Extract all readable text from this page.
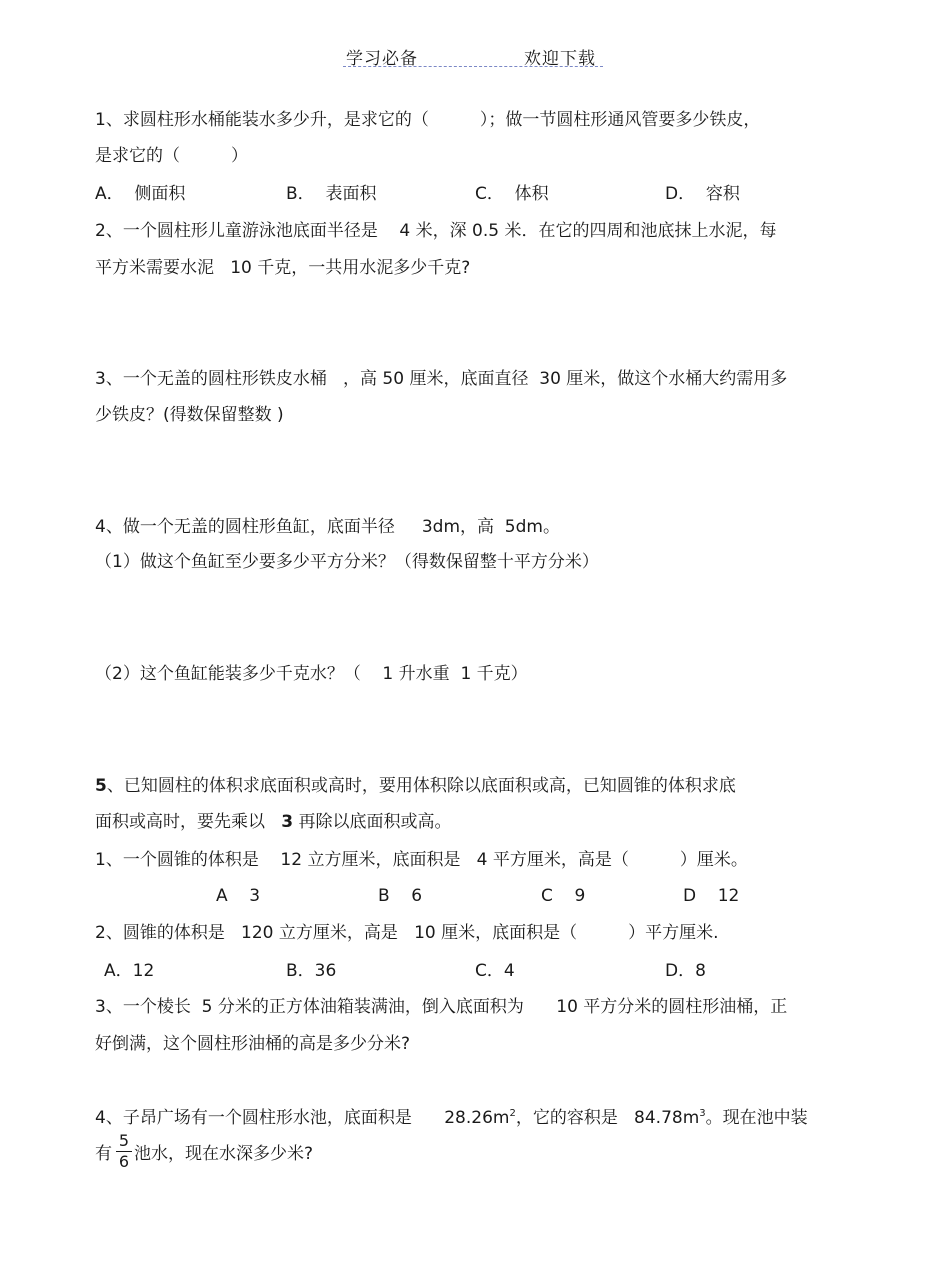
学习必备	欢迎下载
1、求圆柱形水桶能装水多少升，是求它的（　　　）；做一节圆柱形通风管要多少铁皮，
是求它的（　　　）
A．  侧面积	B．  表面积	C．  体积	D．  容积
2、一个圆柱形儿童游泳池底面半径是    4 米，深 0.5 米．在它的四周和池底抹上水泥，每
平方米需要水泥   10 千克，一共用水泥多少千克?
3、一个无盖的圆柱形铁皮水桶   ，高 50 厘米，底面直径  30 厘米，做这个水桶大约需用多
少铁皮？(得数保留整数 )
4、做一个无盖的圆柱形鱼缸，底面半径     3dm，高  5dm。
（1）做这个鱼缸至少要多少平方分米？（得数保留整十平方分米）
（2）这个鱼缸能装多少千克水？（    1 升水重  1 千克）
5、已知圆柱的体积求底面积或高时，要用体积除以底面积或高，已知圆锥的体积求底
面积或高时，要先乘以   3 再除以底面积或高。
1、一个圆锥的体积是    12 立方厘米，底面积是   4 平方厘米，高是（　　　）厘米。
A    3	B    6	C    9	D    12
2、圆锥的体积是   120 立方厘米，高是   10 厘米，底面积是（　　　）平方厘米.
A．12	B．36	C．4	D．8
3、一个棱长  5 分米的正方体油箱装满油，倒入底面积为      10 平方分米的圆柱形油桶，正
好倒满，这个圆柱形油桶的高是多少分米?
4、子昂广场有一个圆柱形水池，底面积是      $28.26m^2$，它的容积是   $84.78m^3$。现在池中装
有
5
6 池水，现在水深多少米?
